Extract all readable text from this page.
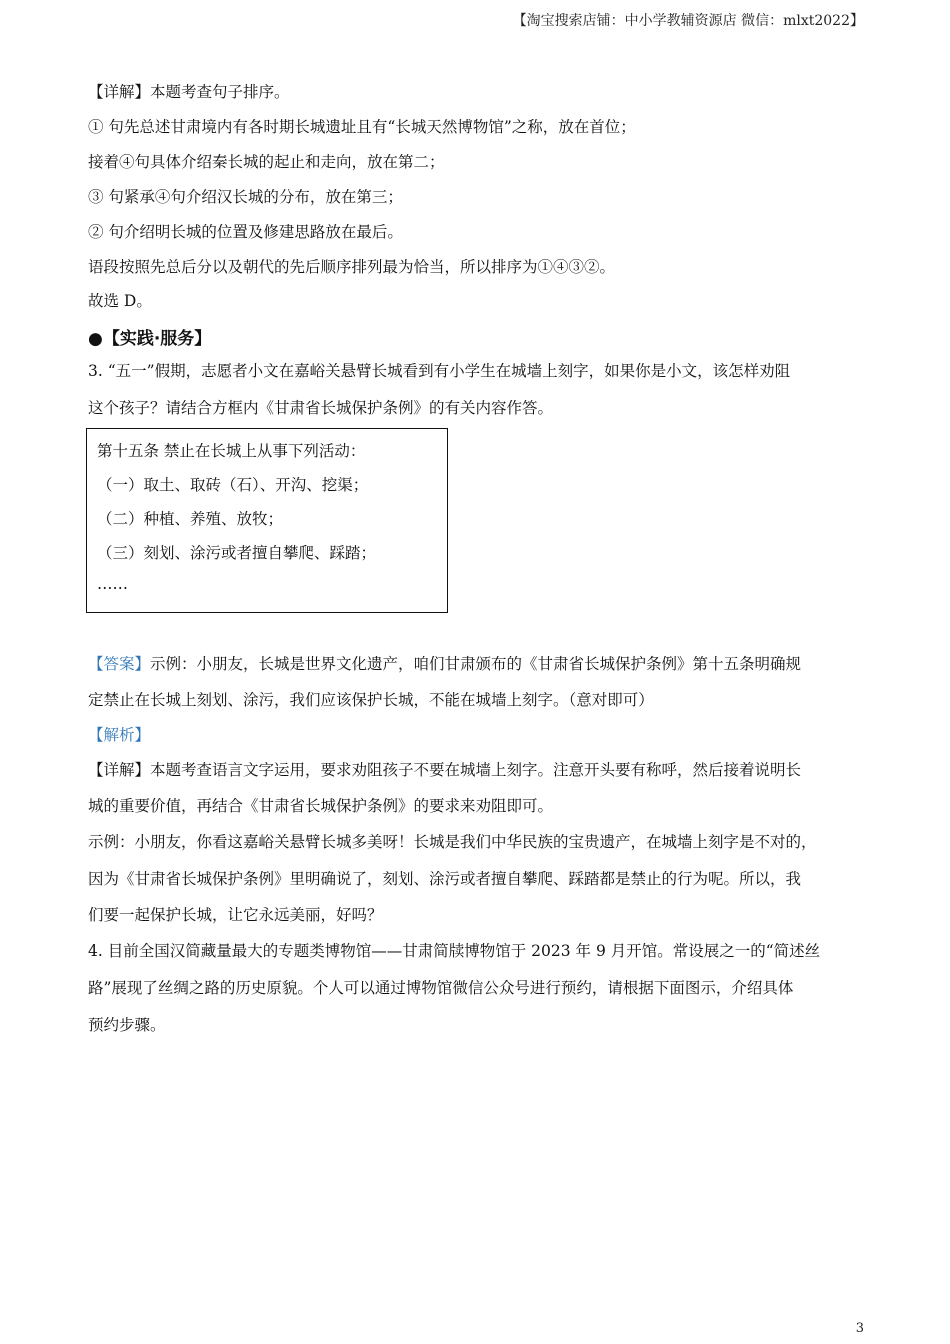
【淘宝搜索店铺：中小学教辅资源店 微信：mlxt2022】
【详解】本题考查句子排序。
① 句先总述甘肃境内有各时期长城遗址且有“长城天然博物馆”之称，放在首位；
接着④句具体介绍秦长城的起止和走向，放在第二；
③ 句紧承④句介绍汉长城的分布，放在第三；
② 句介绍明长城的位置及修建思路放在最后。
语段按照先总后分以及朝代的先后顺序排列最为恰当，所以排序为①④③②。
故选 D。
●【实践·服务】
3. “五一”假期，志愿者小文在嘉峪关悬臂长城看到有小学生在城墙上刻字，如果你是小文，该怎样劝阻
这个孩子？请结合方框内《甘肃省长城保护条例》的有关内容作答。
第十五条 禁止在长城上从事下列活动：
（一）取土、取砖（石）、开沟、挖渠；
（二）种植、养殖、放牧；
（三）刻划、涂污或者擅自攀爬、踩踏；
……
【答案】示例：小朋友，长城是世界文化遗产，咱们甘肃颁布的《甘肃省长城保护条例》第十五条明确规
定禁止在长城上刻划、涂污，我们应该保护长城，不能在城墙上刻字。（意对即可）
【解析】
【详解】本题考查语言文字运用，要求劝阻孩子不要在城墙上刻字。注意开头要有称呼，然后接着说明长
城的重要价值，再结合《甘肃省长城保护条例》的要求来劝阻即可。
示例：小朋友，你看这嘉峪关悬臂长城多美呀！长城是我们中华民族的宝贵遗产，在城墙上刻字是不对的，
因为《甘肃省长城保护条例》里明确说了，刻划、涂污或者擅自攀爬、踩踏都是禁止的行为呢。所以，我
们要一起保护长城，让它永远美丽，好吗？
4. 目前全国汉简藏量最大的专题类博物馆——甘肃简牍博物馆于 2023 年 9 月开馆。常设展之一的“简述丝
路”展现了丝绸之路的历史原貌。个人可以通过博物馆微信公众号进行预约，请根据下面图示，介绍具体
预约步骤。
3
